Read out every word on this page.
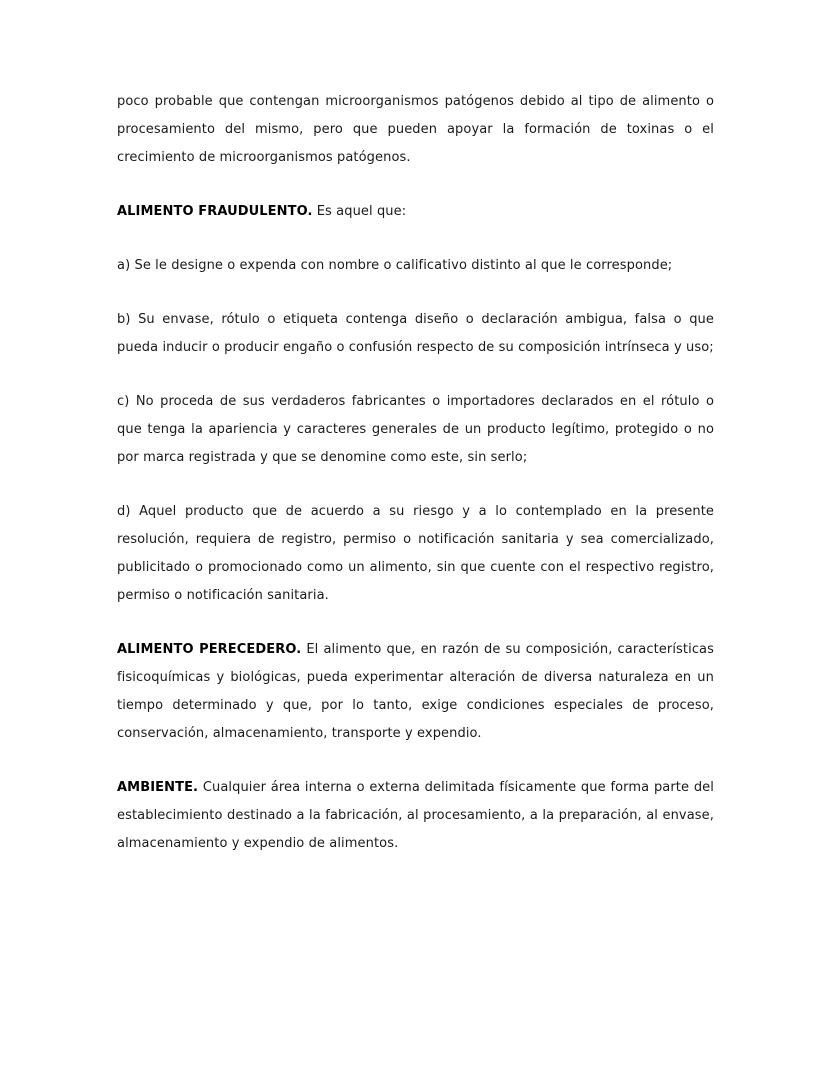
poco probable que contengan microorganismos patógenos debido al tipo de alimento o procesamiento del mismo, pero que pueden apoyar la formación de toxinas o el crecimiento de microorganismos patógenos.

ALIMENTO FRAUDULENTO. Es aquel que:

a) Se le designe o expenda con nombre o calificativo distinto al que le corresponde;

b) Su envase, rótulo o etiqueta contenga diseño o declaración ambigua, falsa o que pueda inducir o producir engaño o confusión respecto de su composición intrínseca y uso;

c) No proceda de sus verdaderos fabricantes o importadores declarados en el rótulo o que tenga la apariencia y caracteres generales de un producto legítimo, protegido o no por marca registrada y que se denomine como este, sin serlo;

d) Aquel producto que de acuerdo a su riesgo y a lo contemplado en la presente resolución, requiera de registro, permiso o notificación sanitaria y sea comercializado, publicitado o promocionado como un alimento, sin que cuente con el respectivo registro, permiso o notificación sanitaria.

ALIMENTO PERECEDERO. El alimento que, en razón de su composición, características fisicoquímicas y biológicas, pueda experimentar alteración de diversa naturaleza en un tiempo determinado y que, por lo tanto, exige condiciones especiales de proceso, conservación, almacenamiento, transporte y expendio.

AMBIENTE. Cualquier área interna o externa delimitada físicamente que forma parte del establecimiento destinado a la fabricación, al procesamiento, a la preparación, al envase, almacenamiento y expendio de alimentos.
